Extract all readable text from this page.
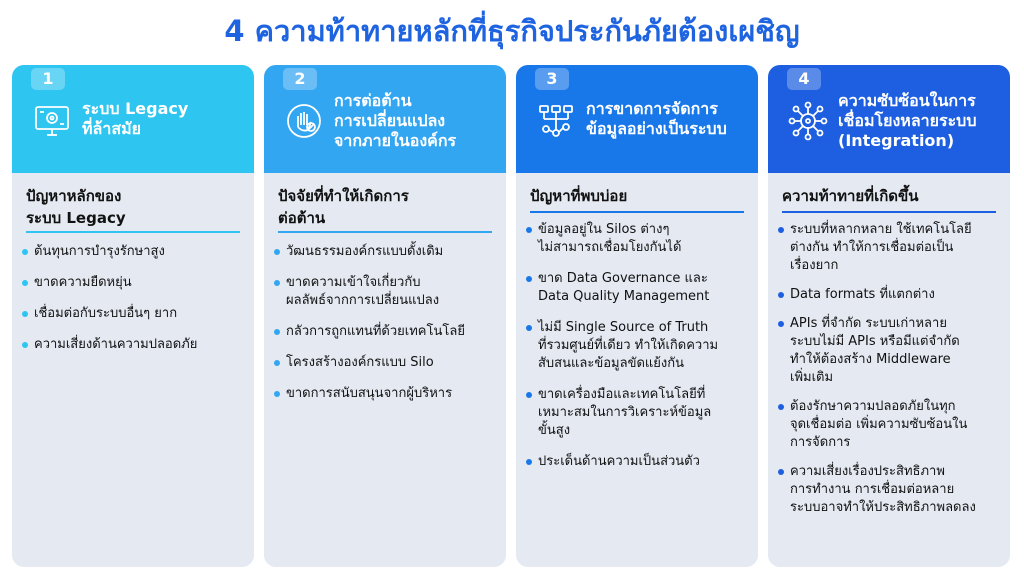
4 ความท้าทายหลักที่ธุรกิจประกันภัยต้องเผชิญ
1
ระบบ Legacy
ที่ล้าสมัย
ปัญหาหลักของ
ระบบ Legacy
ต้นทุนการบำรุงรักษาสูง
ขาดความยืดหยุ่น
เชื่อมต่อกับระบบอื่นๆ ยาก
ความเสี่ยงด้านความปลอดภัย
2
การต่อต้าน
การเปลี่ยนแปลง
จากภายในองค์กร
ปัจจัยที่ทำให้เกิดการ
ต่อต้าน
วัฒนธรรมองค์กรแบบดั้งเดิม
ขาดความเข้าใจเกี่ยวกับ
ผลลัพธ์จากการเปลี่ยนแปลง
กลัวการถูกแทนที่ด้วยเทคโนโลยี
โครงสร้างองค์กรแบบ Silo
ขาดการสนับสนุนจากผู้บริหาร
3
การขาดการจัดการ
ข้อมูลอย่างเป็นระบบ
ปัญหาที่พบบ่อย
ข้อมูลอยู่ใน Silos ต่างๆ
ไม่สามารถเชื่อมโยงกันได้
ขาด Data Governance และ
Data Quality Management
ไม่มี Single Source of Truth
ที่รวมศูนย์ที่เดียว ทำให้เกิดความ
สับสนและข้อมูลขัดแย้งกัน
ขาดเครื่องมือและเทคโนโลยีที่
เหมาะสมในการวิเคราะห์ข้อมูล
ขั้นสูง
ประเด็นด้านความเป็นส่วนตัว
4
ความซับซ้อนในการ
เชื่อมโยงหลายระบบ
(Integration)
ความท้าทายที่เกิดขึ้น
ระบบที่หลากหลาย ใช้เทคโนโลยี
ต่างกัน ทำให้การเชื่อมต่อเป็น
เรื่องยาก
Data formats ที่แตกต่าง
APIs ที่จำกัด ระบบเก่าหลาย
ระบบไม่มี APIs หรือมีแต่จำกัด
ทำให้ต้องสร้าง Middleware
เพิ่มเติม
ต้องรักษาความปลอดภัยในทุก
จุดเชื่อมต่อ เพิ่มความซับซ้อนใน
การจัดการ
ความเสี่ยงเรื่องประสิทธิภาพ
การทำงาน การเชื่อมต่อหลาย
ระบบอาจทำให้ประสิทธิภาพลดลง
